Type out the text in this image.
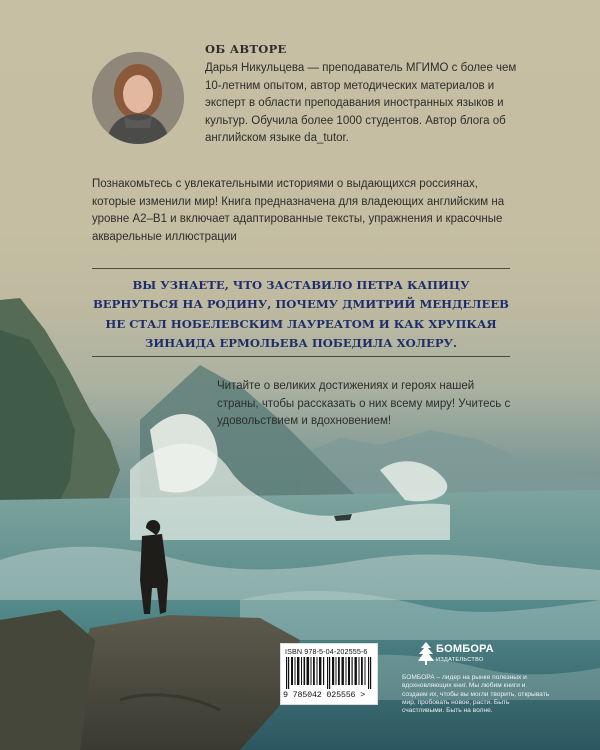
ОБ АВТОРЕ

Дарья Никульцева — преподаватель МГИМО с более чем 10-летним опытом, автор методических материалов и эксперт в области преподавания иностранных языков и культур. Обучила более 1000 студентов. Автор блога об английском языке da_tutor.

Познакомьтесь с увлекательными историями о выдающихся россиянах, которые изменили мир! Книга предназначена для владеющих английским на уровне A2–B1 и включает адаптированные тексты, упражнения и красочные акварельные иллюстрации

ВЫ УЗНАЕТЕ, ЧТО ЗАСТАВИЛО ПЕТРА КАПИЦУ ВЕРНУТЬСЯ НА РОДИНУ, ПОЧЕМУ ДМИТРИЙ МЕНДЕЛЕЕВ НЕ СТАЛ НОБЕЛЕВСКИМ ЛАУРЕАТОМ И КАК ХРУПКАЯ ЗИНАИДА ЕРМОЛЬЕВА ПОБЕДИЛА ХОЛЕРУ.

Читайте о великих достижениях и героях нашей страны, чтобы рассказать о них всему миру! Учитесь с удовольствием и вдохновением!

ISBN 978-5-04-202555-6

9 785042 025556 >

БОМБОРА

ИЗДАТЕЛЬСТВО

БОМБОРА – лидер на рынке полезных и вдохновляющих книг. Мы любим книги и создаем их, чтобы вы могли творить, открывать мир, пробовать новое, расти. Быть счастливыми. Быть на волне.
